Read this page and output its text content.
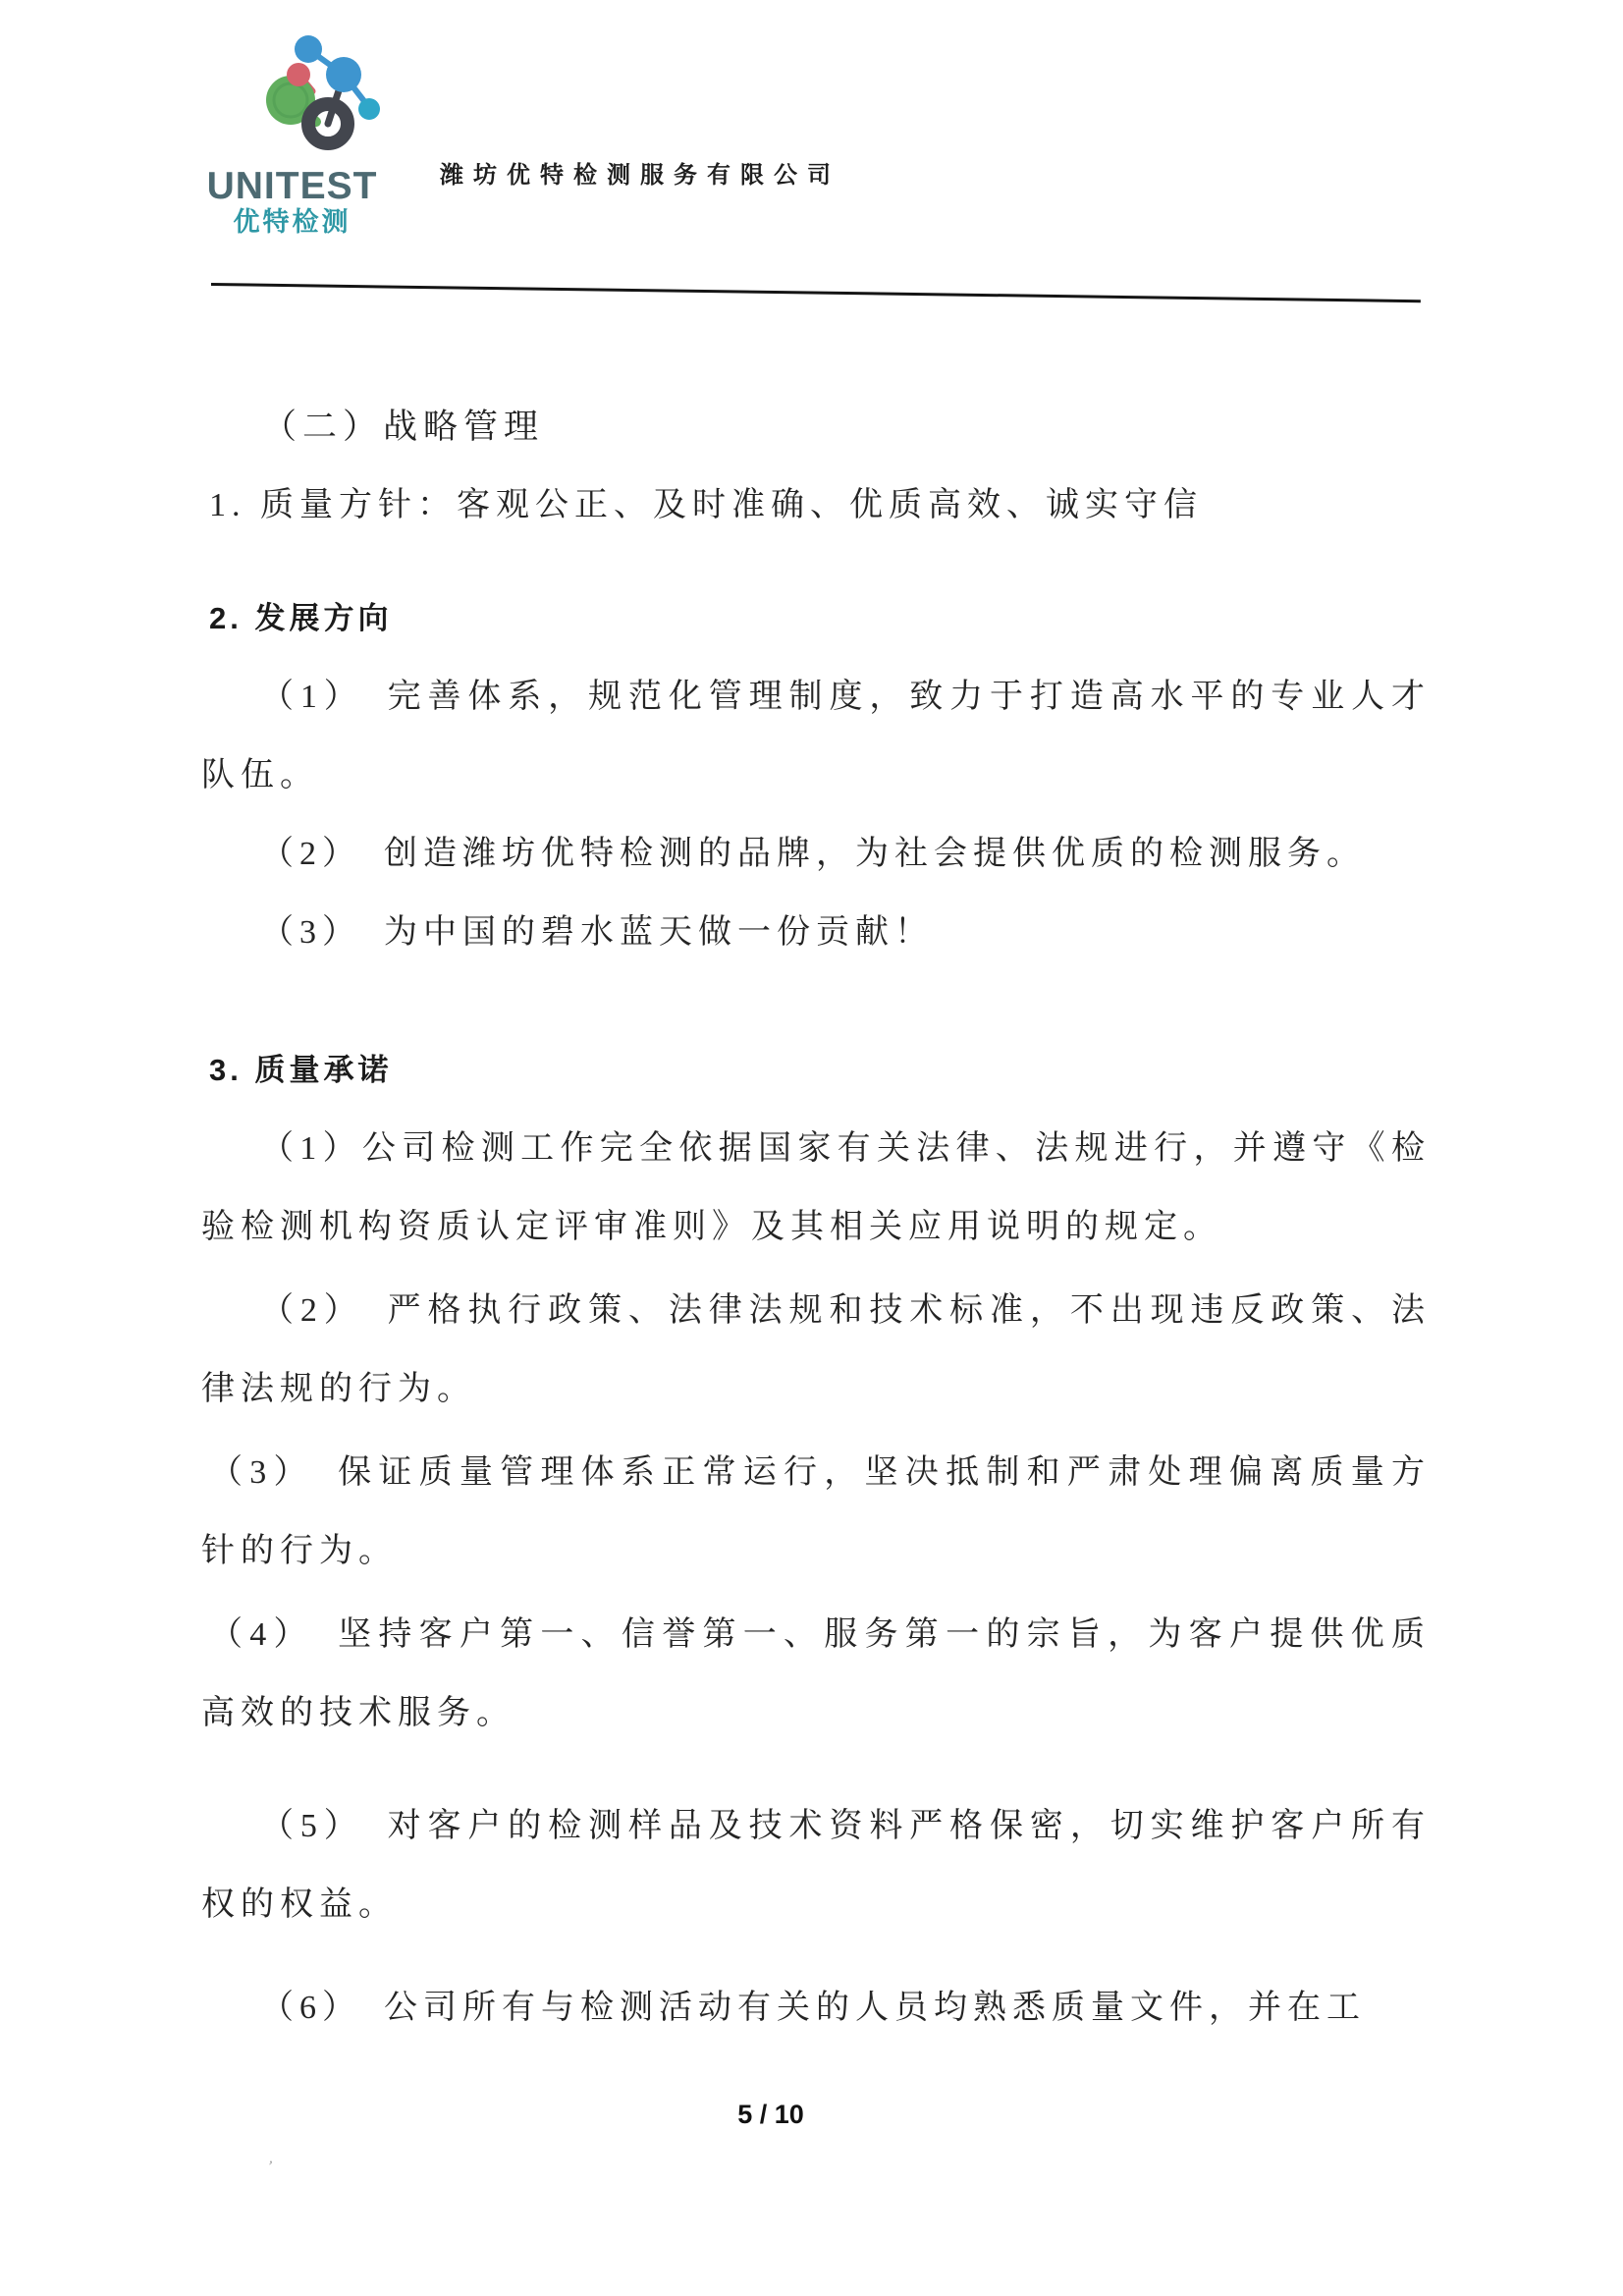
UNITEST
优特检测
潍坊优特检测服务有限公司

（二）战略管理

1. 质量方针：客观公正、及时准确、优质高效、诚实守信

2. 发展方向

（1）　完善体系，规范化管理制度，致力于打造高水平的专业人才队伍。

（2）　创造潍坊优特检测的品牌，为社会提供优质的检测服务。

（3）　为中国的碧水蓝天做一份贡献！

3. 质量承诺

（1）公司检测工作完全依据国家有关法律、法规进行，并遵守《检验检测机构资质认定评审准则》及其相关应用说明的规定。

（2）　严格执行政策、法律法规和技术标准，不出现违反政策、法律法规的行为。

（3）　保证质量管理体系正常运行，坚决抵制和严肃处理偏离质量方针的行为。

（4）　坚持客户第一、信誉第一、服务第一的宗旨，为客户提供优质高效的技术服务。

（5）　对客户的检测样品及技术资料严格保密，切实维护客户所有权的权益。

（6）　公司所有与检测活动有关的人员均熟悉质量文件，并在工

5 / 10
ʼ
